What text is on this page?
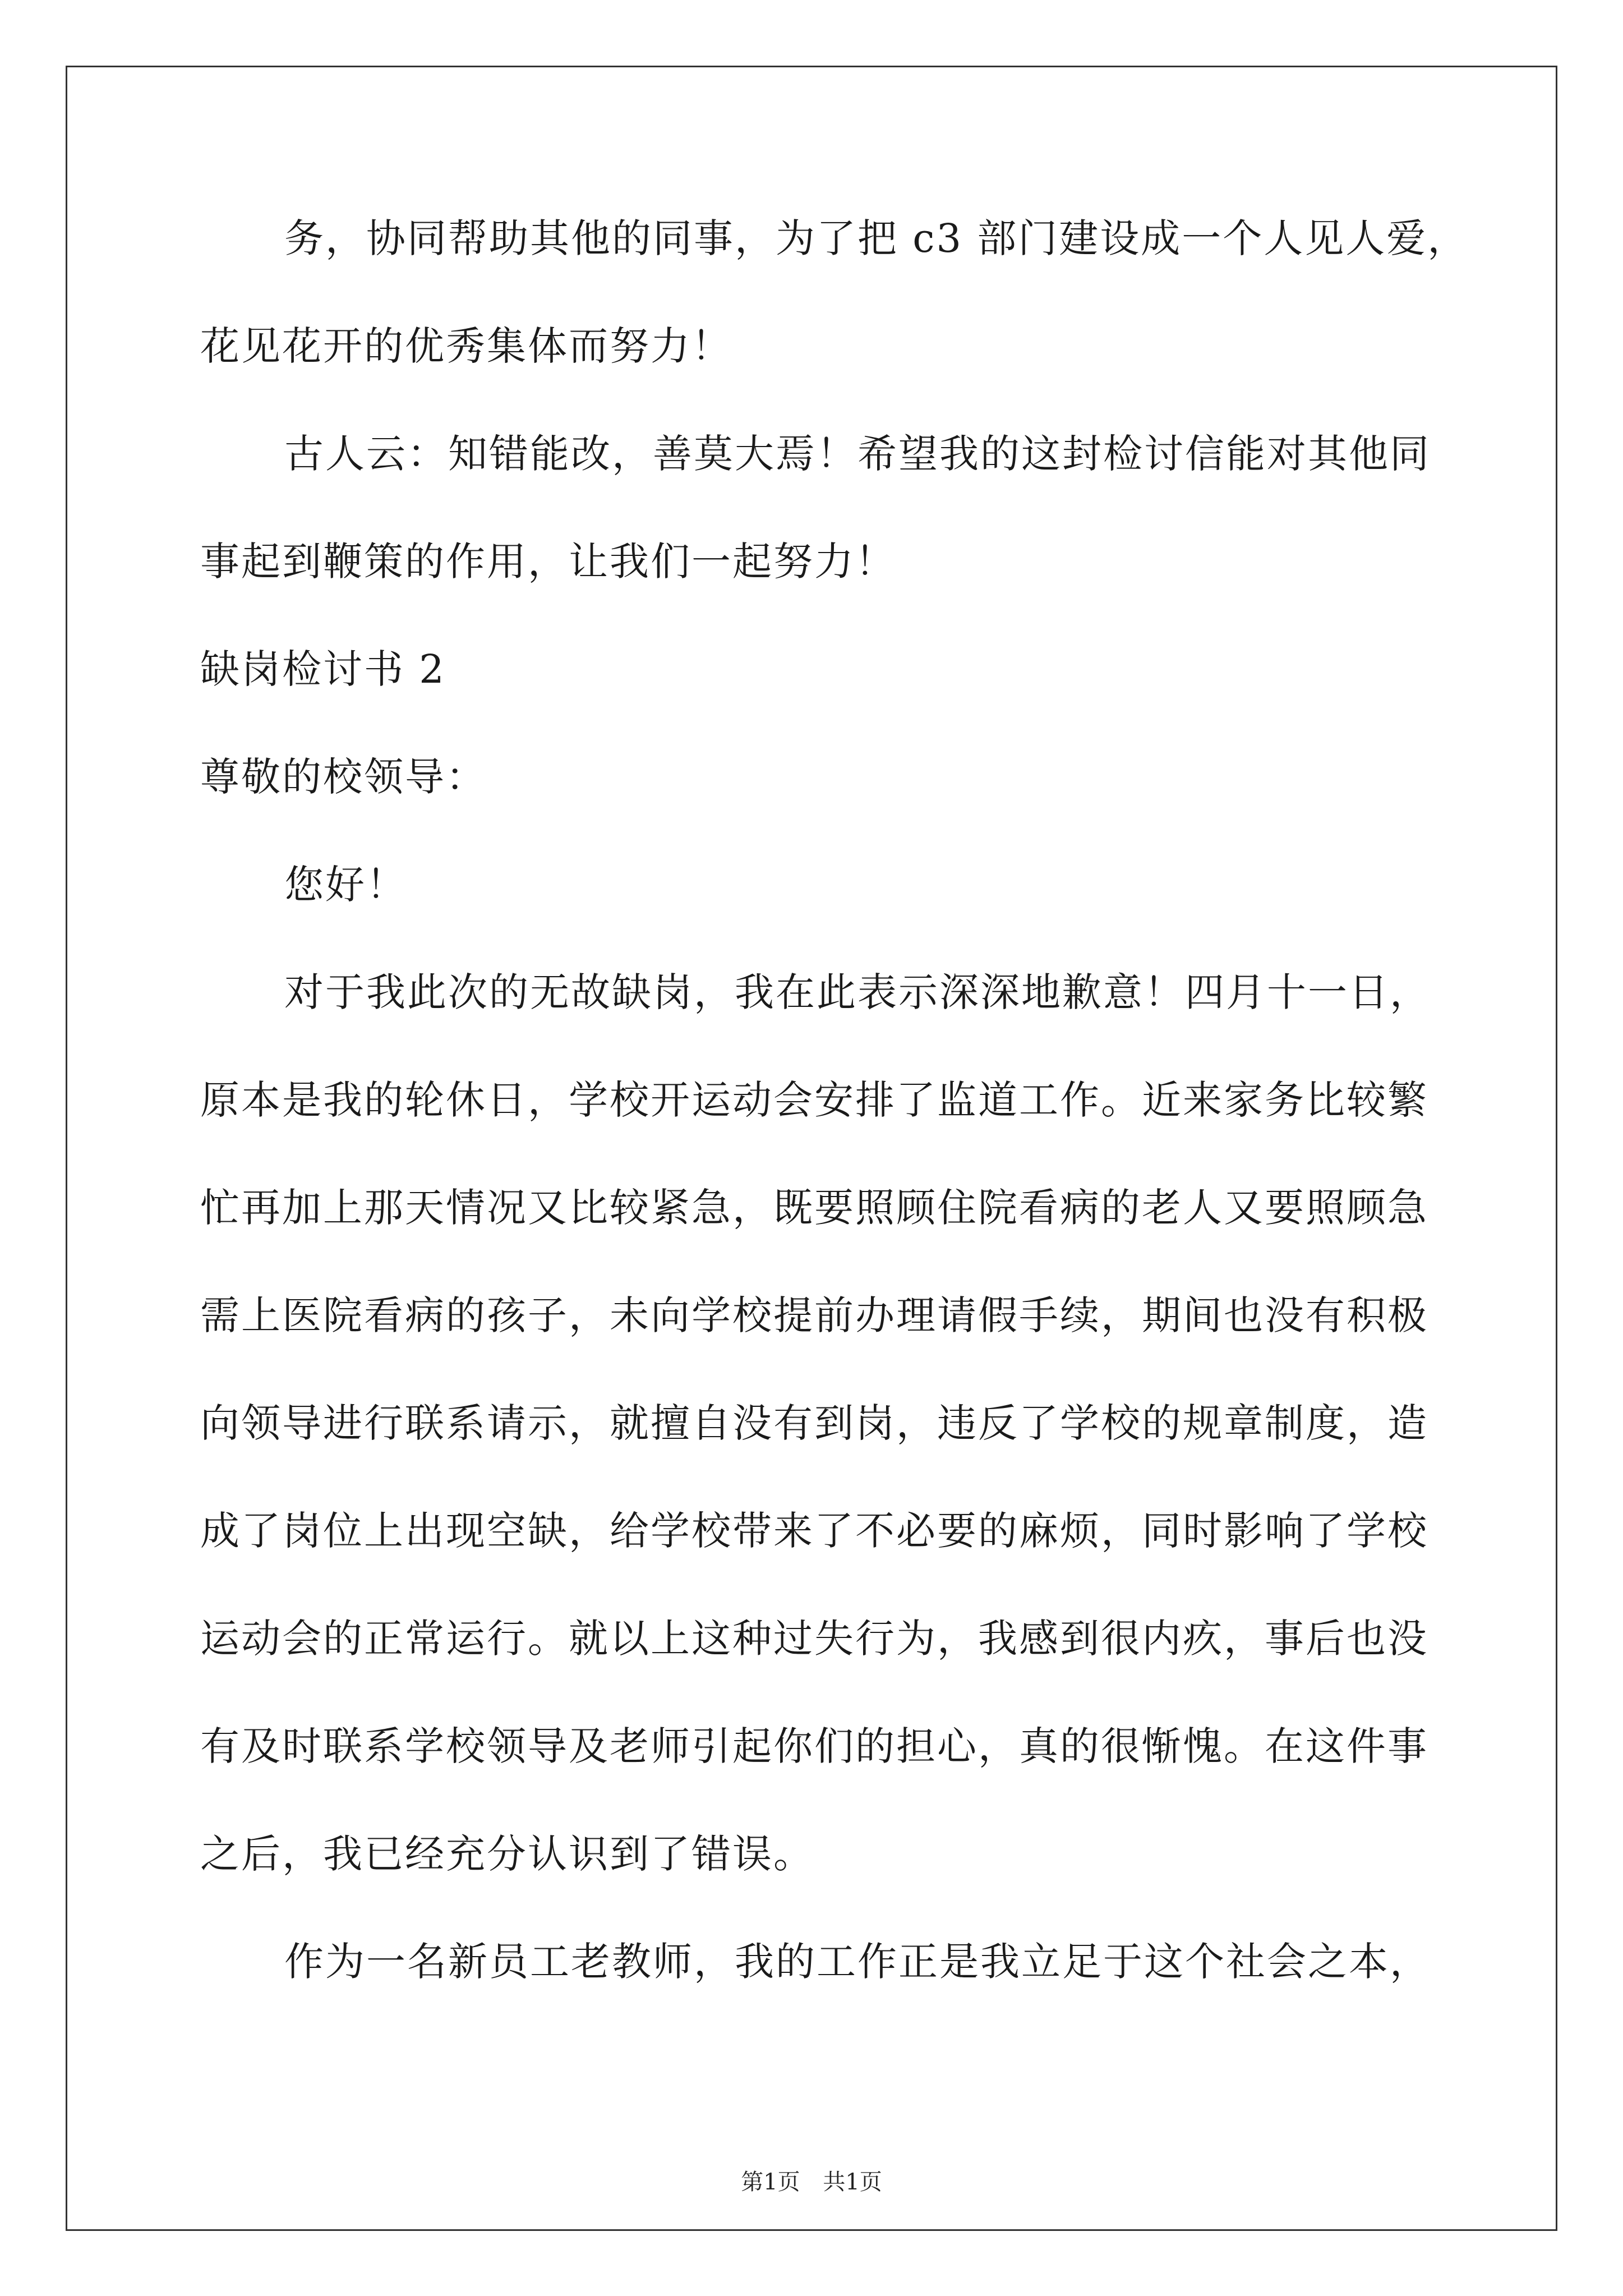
务，协同帮助其他的同事，为了把 c3 部门建设成一个人见人爱，
花见花开的优秀集体而努力！
古人云：知错能改，善莫大焉！希望我的这封检讨信能对其他同
事起到鞭策的作用，让我们一起努力！
缺岗检讨书 2
尊敬的校领导：
您好！
对于我此次的无故缺岗，我在此表示深深地歉意！四月十一日，
原本是我的轮休日，学校开运动会安排了监道工作。近来家务比较繁
忙再加上那天情况又比较紧急，既要照顾住院看病的老人又要照顾急
需上医院看病的孩子，未向学校提前办理请假手续，期间也没有积极
向领导进行联系请示，就擅自没有到岗，违反了学校的规章制度，造
成了岗位上出现空缺，给学校带来了不必要的麻烦，同时影响了学校
运动会的正常运行。就以上这种过失行为，我感到很内疚，事后也没
有及时联系学校领导及老师引起你们的担心，真的很惭愧。在这件事
之后，我已经充分认识到了错误。
作为一名新员工老教师，我的工作正是我立足于这个社会之本，
第1页 共1页
